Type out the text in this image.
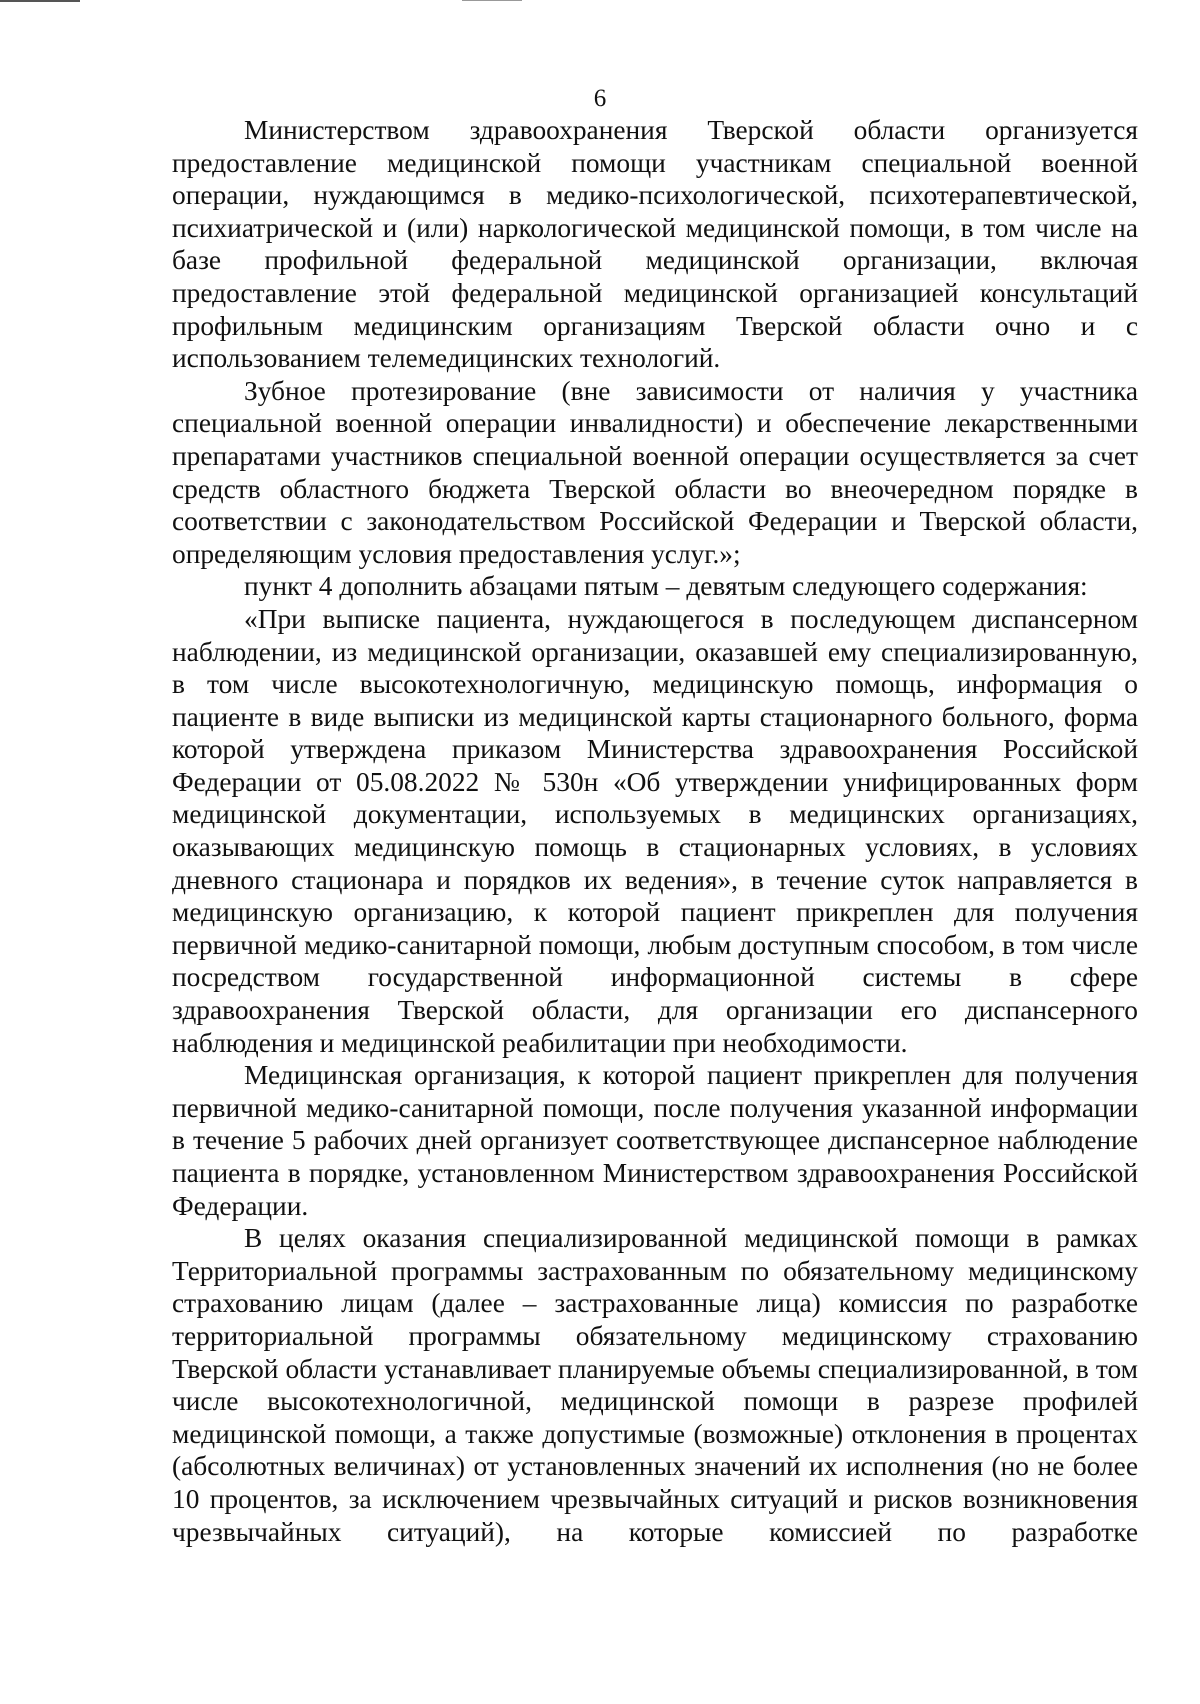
6

Министерством здравоохранения Тверской области организуется предоставление медицинской помощи участникам специальной военной операции, нуждающимся в медико-психологической, психотерапевтической, психиатрической и (или) наркологической медицинской помощи, в том числе на базе профильной федеральной медицинской организации, включая предоставление этой федеральной медицинской организацией консультаций профильным медицинским организациям Тверской области очно и с использованием телемедицинских технологий.

Зубное протезирование (вне зависимости от наличия у участника специальной военной операции инвалидности) и обеспечение лекарственными препаратами участников специальной военной операции осуществляется за счет средств областного бюджета Тверской области во внеочередном порядке в соответствии с законодательством Российской Федерации и Тверской области, определяющим условия предоставления услуг.»;

пункт 4 дополнить абзацами пятым – девятым следующего содержания:

«При выписке пациента, нуждающегося в последующем диспансерном наблюдении, из медицинской организации, оказавшей ему специализированную, в том числе высокотехнологичную, медицинскую помощь, информация о пациенте в виде выписки из медицинской карты стационарного больного, форма которой утверждена приказом Министерства здравоохранения Российской Федерации от 05.08.2022 № 530н «Об утверждении унифицированных форм медицинской документации, используемых в медицинских организациях, оказывающих медицинскую помощь в стационарных условиях, в условиях дневного стационара и порядков их ведения», в течение суток направляется в медицинскую организацию, к которой пациент прикреплен для получения первичной медико-санитарной помощи, любым доступным способом, в том числе посредством государственной информационной системы в сфере здравоохранения Тверской области, для организации его диспансерного наблюдения и медицинской реабилитации при необходимости.

Медицинская организация, к которой пациент прикреплен для получения первичной медико-санитарной помощи, после получения указанной информации в течение 5 рабочих дней организует соответствующее диспансерное наблюдение пациента в порядке, установленном Министерством здравоохранения Российской Федерации.

В целях оказания специализированной медицинской помощи в рамках Территориальной программы застрахованным по обязательному медицинскому страхованию лицам (далее – застрахованные лица) комиссия по разработке территориальной программы обязательному медицинскому страхованию Тверской области устанавливает планируемые объемы специализированной, в том числе высокотехнологичной, медицинской помощи в разрезе профилей медицинской помощи, а также допустимые (возможные) отклонения в процентах (абсолютных величинах) от установленных значений их исполнения (но не более 10 процентов, за исключением чрезвычайных ситуаций и рисков возникновения чрезвычайных ситуаций), на которые комиссией по разработке
